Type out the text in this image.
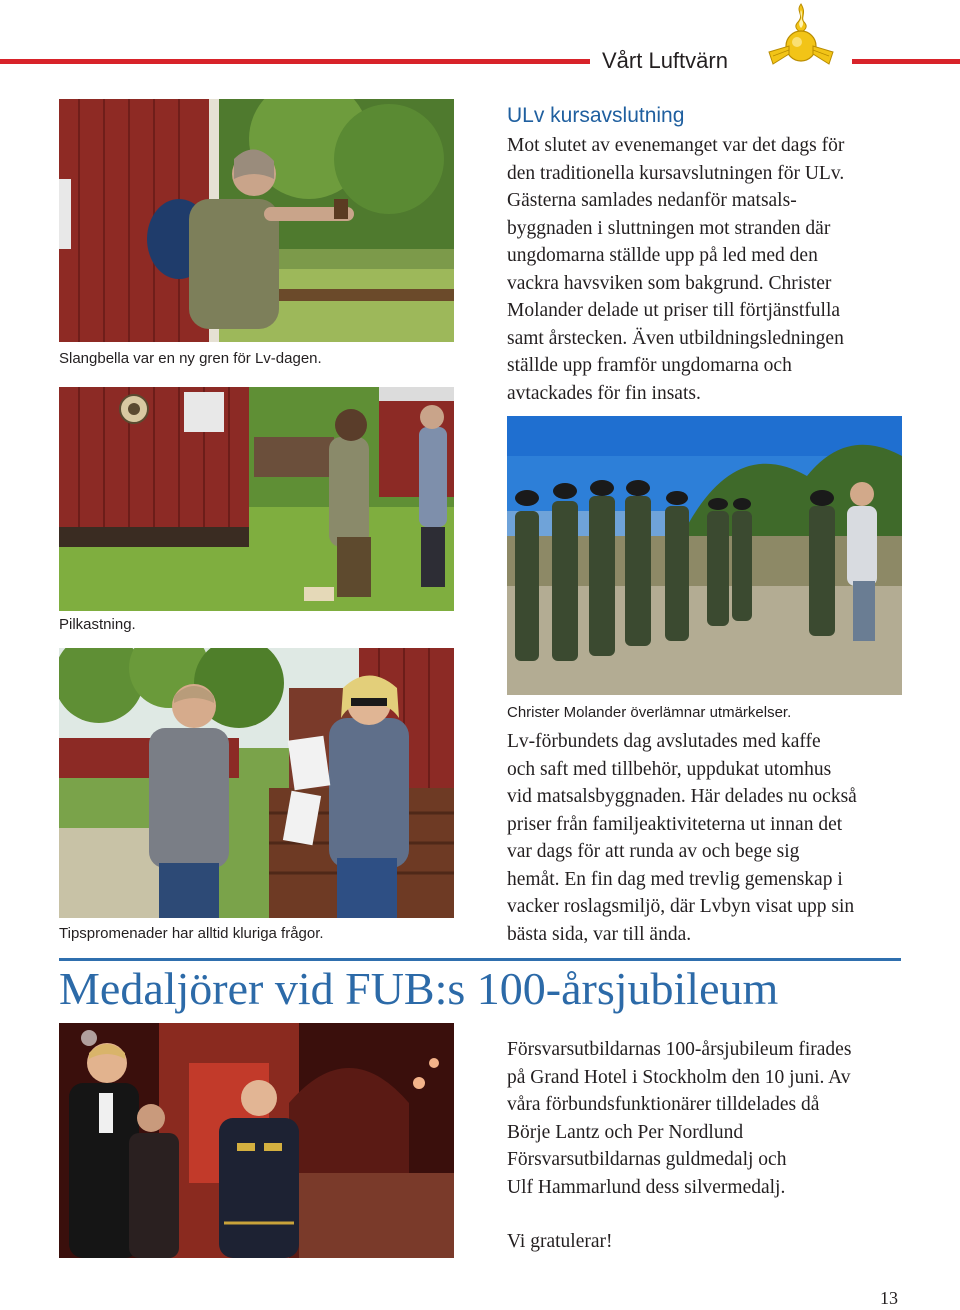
Vårt Luftvärn
Slangbella var en ny gren för Lv-dagen.
ULv kursavslutning
Mot slutet av evenemanget var det dags för
den traditionella kursavslutningen för ULv.
Gästerna samlades nedanför matsals-
byggnaden i sluttningen mot stranden där
ungdomarna ställde upp på led med den
vackra havsviken som bakgrund. Christer
Molander delade ut priser till förtjänstfulla
samt årstecken. Även utbildningsledningen
ställde upp framför ungdomarna och
avtackades för fin insats.
Pilkastning.
Christer Molander överlämnar utmärkelser.
Tipspromenader har alltid kluriga frågor.
Lv-förbundets dag avslutades med kaffe
och saft med tillbehör, uppdukat utomhus
vid matsalsbyggnaden. Här delades nu också
priser från familjeaktiviteterna ut innan det
var dags för att runda av och bege sig
hemåt. En fin dag med trevlig gemenskap i
vacker roslagsmiljö, där Lvbyn visat upp sin
bästa sida, var till ända.
Medaljörer vid FUB:s 100-årsjubileum
Försvarsutbildarnas 100-årsjubileum firades
på Grand Hotel i Stockholm den 10 juni. Av
våra förbundsfunktionärer tilldelades då
Börje Lantz och Per Nordlund
Försvarsutbildarnas guldmedalj och
Ulf Hammarlund dess silvermedalj.
Vi gratulerar!
13
